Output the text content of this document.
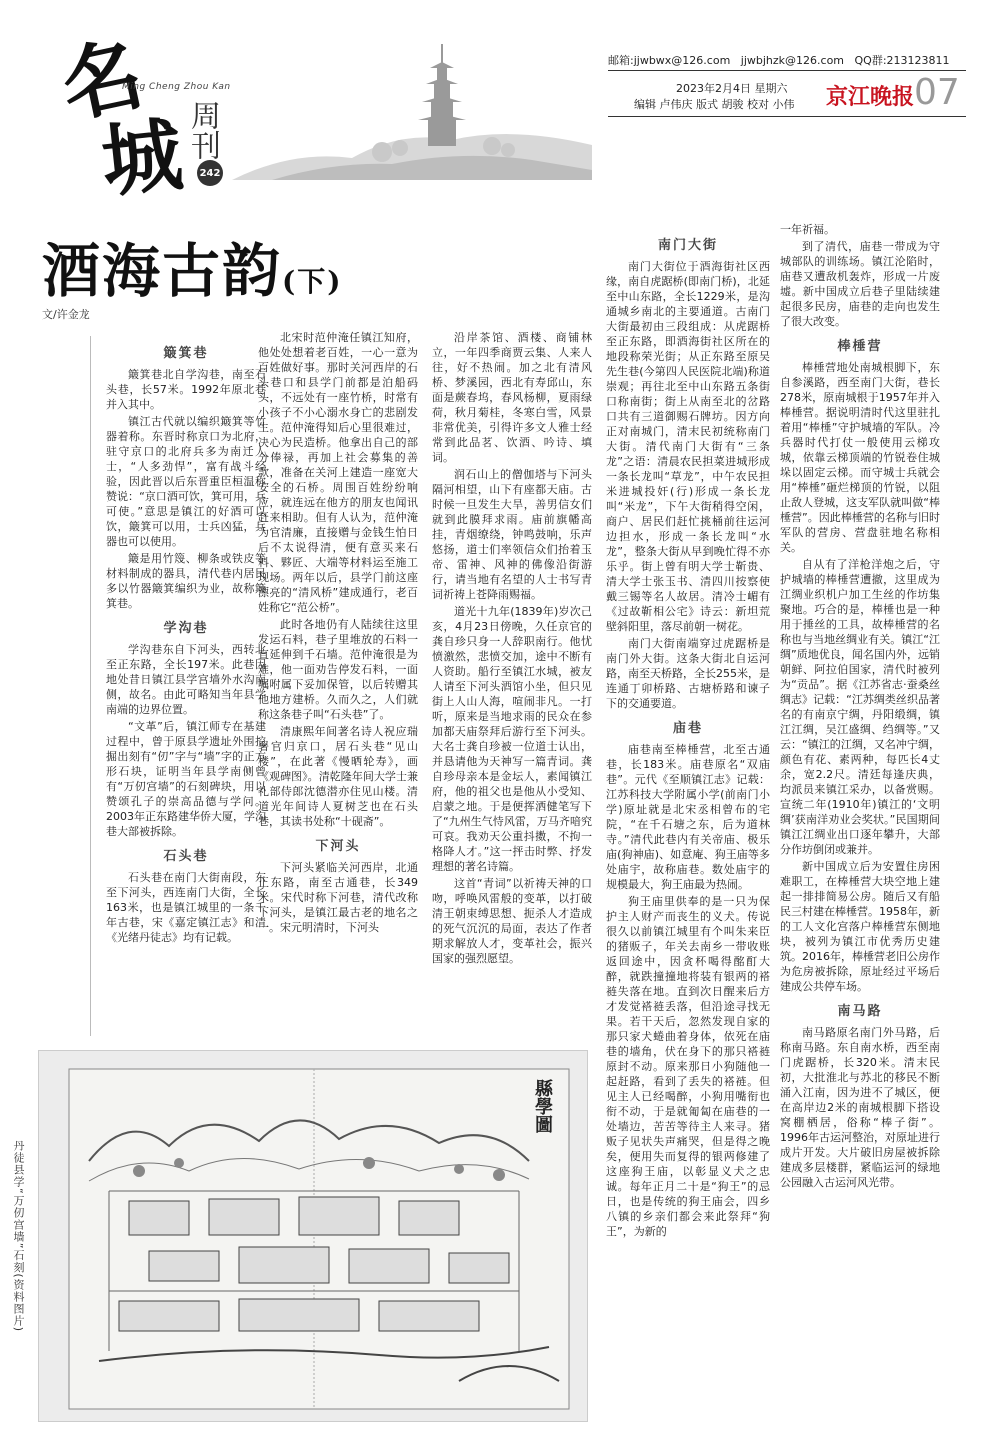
名
城
Ming Cheng Zhou Kan
周刊
242
邮箱:jjwbwx@126.com   jjwbjhzk@126.com   QQ群:213123811
2023年2月4日 星期六
编辑 卢伟庆 版式 胡骏 校对 小伟 京江晚报 07
酒海古韵(下)
文/许金龙
簸箕巷

簸箕巷北自学沟巷，南至石头巷，长57米。1992年原北巷并入其中。

镇江古代就以编织簸箕等竹器着称。东晋时称京口为北府，驻守京口的北府兵多为南迁人士，“人多劲悍”，富有战斗经验，因此晋以后东晋重臣桓温称赞说：“京口酒可饮，箕可用，兵可使。”意思是镇江的好酒可以饮，簸箕可以用，士兵凶猛，兵器也可以使用。

簸是用竹篾、柳条或铁皮等材料制成的器具，清代巷内居民多以竹器簸箕编织为业，故称簸箕巷。

学沟巷

学沟巷东自下河头，西转北至正东路，全长197米。此巷因地处昔日镇江县学宫墙外水沟南侧，故名。由此可略知当年县学南端的边界位置。

“文革”后，镇江师专在基建过程中，曾于原县学遗址外围挖掘出刻有“仞”字与“墙”字的正方形石块，证明当年县学南侧曾有“万仞宫墙”的石刻碑块，用以赞颂孔子的崇高品德与学问。2003年正东路建华侨大厦，学沟巷大部被拆除。

石头巷

石头巷在南门大街南段，东至下河头，西连南门大街，全长163米，也是镇江城里的一条千年古巷，宋《嘉定镇江志》和清《光绪丹徒志》均有记载。

北宋时范仲淹任镇江知府，他处处想着老百姓，一心一意为百姓做好事。那时关河西岸的石头巷口和县学门前都是泊船码头，不远处有一座竹桥，时常有小孩子不小心溺水身亡的悲剧发生。范仲淹得知后心里很难过，决心为民造桥。他拿出自己的部分俸禄，再加上社会募集的善款，准备在关河上建造一座宽大安全的石桥。周围百姓纷纷响应，就连远在他方的朋友也闻讯赶来相助。但有人认为，范仲淹为官清廉，直接赠与金钱生怕日后不太说得清，便有意买来石料、夥匠、大端等材料运至施工现场。两年以后，县学门前这座漂亮的“清风桥”建成通行，老百姓称它“范公桥”。

此时各地仍有人陆续往这里发运石料，巷子里堆放的石料一直延伸到千石墙。范仲淹很是为难，他一面劝告停发石料，一面嘱咐属下妥加保管，以后转赠其他地方建桥。久而久之，人们就称这条巷子叫“石头巷”了。

清康熙年间著名诗人祝应瑞署官归京口，居石头巷“见山楼”，在此著《慢晒轮寿》，画《观碑图》。清乾隆年间大学士兼礼部侍郎沈德潜亦住见山楼。清道光年间诗人夏树芝也在石头巷，其读书处称“十砚斋”。

下河头

下河头紧临关河西岸，北通正东路，南至古通巷，长349米。宋代时称下河巷，清代改称下河头，是镇江最古老的地名之一。宋元明清时，下河头

沿岸茶馆、酒楼、商铺林立，一年四季商贾云集、人来人往，好不热闹。加之北有清风桥、梦溪园，西北有寿邱山，东面是蕨春坞，春风杨柳，夏雨绿荷，秋月菊桂，冬寒白雪，风景非常优美，引得许多文人雅士经常到此品茗、饮酒、吟诗、填词。

润石山上的僧伽塔与下河头隔河相望，山下有座都天庙。古时候一旦发生大旱，善男信女们就到此膜拜求雨。庙前旗幡高挂，青烟缭绕，钟鸣鼓响，乐声悠扬，道士们率领信众们抬着玉帝、雷神、风神的佛像沿街游行，请当地有名望的人士书写青词祈祷上苍降雨赐福。

道光十九年(1839年)岁次己亥，4月23日傍晚，久任京官的龚自珍只身一人辞职南行。他忧愤激然，悲愤交加，途中不断有人资助。船行至镇江水城，被友人请至下河头酒馆小坐，但只见街上人山人海，喧闹非凡。一打听，原来是当地求雨的民众在参加都天庙祭拜后游行至下河头。大名士龚自珍被一位道士认出，并恳请他为天神写一篇青词。龚自珍母亲本是金坛人，素闻镇江府，他的祖父也是他从小受知、启蒙之地。于是便挥洒健笔写下了“九州生气恃风雷，万马齐喑究可哀。我劝天公重抖擞，不拘一格降人才。”这一抨击时弊、抒发理想的著名诗篇。

这首“青词”以祈祷天神的口吻，呼唤风雷般的变革，以打破清王朝束缚思想、扼杀人才造成的死气沉沉的局面，表达了作者期求解放人才，变革社会，振兴国家的强烈愿望。

南门大街

南门大街位于酒海街社区西缘，南自虎踞桥(即南门桥)，北延至中山东路，全长1229米，是沟通城乡南北的主要通道。古南门大街最初由三段组成：从虎踞桥至正东路，即酒海街社区所在的地段称荣光街；从正东路至原吴先生巷(今第四人民医院北端)称道崇观；再往北至中山东路五条街口称南街；街上从南至北的岔路口共有三道御赐石牌坊。因方向正对南城门，清末民初统称南门大街。清代南门大街有“三条龙”之语：清晨农民担菜进城形成一条长龙叫“草龙”，中午农民担米进城投奸(行)形成一条长龙叫“米龙”，下午大街稍得空闲，商户、居民们赶忙挑桶前往运河边担水，形成一条长龙叫“水龙”，整条大街从早到晚忙得不亦乐乎。街上曾有明大学士靳贵、清大学士张玉书、清四川按察使戴三锡等名人故居。清冷士嵋有《过故靳相公宅》诗云：新坦荒壁斜阳里，落尽前朝一树花。

南门大街南端穿过虎踞桥是南门外大街。这条大街北自运河路，南至天桥路，全长255米，是连通丁卯桥路、古塘桥路和谏子下的交通要道。

庙巷

庙巷南至棒棰营，北至古通巷，长183米。庙巷原名“双庙巷”。元代《至顺镇江志》记载：江苏科技大学附属小学(前南门小学)原址就是北宋丞相曾布的宅院，“在千石塘之东，后为道林寺。”清代此巷内有关帝庙、极乐庙(狗神庙)、如意庵、狗王庙等多处庙宇，故称庙巷。数处庙宇的规模最大，狗王庙最为热闹。

狗王庙里供奉的是一只为保护主人财产而丧生的义犬。传说很久以前镇江城里有个叫朱来臣的猪贩子，年关去南乡一带收账返回途中，因贪杯喝得酩酊大醉，就跌撞撞地将装有银两的褡裢失落在地。直到次日醒来后方才发觉褡裢丢落，但沿途寻找无果。若干天后，忽然发现自家的那只家犬蜷曲着身体，依死在庙巷的墙角，伏在身下的那只褡裢原封不动。原来那日小狗随他一起赶路，看到了丢失的褡裢。但见主人已经喝醉，小狗用嘴衔也衔不动，于是就匍匐在庙巷的一处墙边，苦苦等待主人来寻。猪贩子见状失声痛哭，但是得之晚矣，便用失而复得的银两修建了这座狗王庙，以彰显义犬之忠诚。每年正月二十是“狗王”的忌日，也是传统的狗王庙会，四乡八镇的乡亲们都会来此祭拜“狗王”，为新的

一年祈福。

到了清代，庙巷一带成为守城部队的训练场。镇江沦陷时，庙巷又遭敌机轰炸，形成一片废墟。新中国成立后巷子里陆续建起很多民房，庙巷的走向也发生了很大改变。

棒棰营

棒棰营地处南城根脚下，东自参溪路，西至南门大街，巷长278米，原南城根于1957年并入棒棰营。据说明清时代这里驻扎着用“棒棰”守护城墙的军队。冷兵器时代打仗一般使用云梯攻城，依靠云梯顶端的竹锐卷住城垛以固定云梯。而守城士兵就会用“棒棰”砸烂梯顶的竹锐，以阻止敌人登城，这支军队就叫做“棒棰营”。因此棒棰营的名称与旧时军队的营房、营盘驻地名称相关。

自从有了洋枪洋炮之后，守护城墙的棒棰营遭撤，这里成为江绸业织机户加工生丝的作坊集聚地。巧合的是，棒棰也是一种用于捶丝的工具，故棒棰营的名称也与当地丝绸业有关。镇江“江绸”质地优良，闻名国内外，远销朝鲜、阿拉伯国家，清代时被列为“贡品”。据《江苏省志·蚕桑丝绸志》记载：“江苏绸类丝织品著名的有南京宁绸，丹阳缎绸，镇江江绸，吴江盛绸、绉绸等。”又云：“镇江的江绸，又名冲宁绸，颜色有花、素两种，每匹长4丈余，宽2.2尺。清廷每逢庆典，均派员来镇江采办，以备赏赐。宣统二年(1910年)镇江的‘文明绸’获南洋劝业会奖状。”民国期间镇江江绸业出口逐年攀升，大部分作坊倒闭或兼并。

新中国成立后为安置住房困难职工，在棒棰营大块空地上建起一排排简易公房。随后又有船民三村建在棒棰营。1958年，新的工人文化宫落户棒棰营东侧地块，被列为镇江市优秀历史建筑。2016年，棒棰营老旧公房作为危房被拆除，原址经过平场后建成公共停车场。

南马路

南马路原名南门外马路，后称南马路。东自南水桥，西至南门虎踞桥，长320米。清末民初，大批淮北与苏北的移民不断涌入江南，因为进不了城区，便在高岸边2米的南城根脚下搭设窝棚栖居，俗称“棒子街”。1996年古运河整治，对原址进行成片开发。大片破旧房屋被拆除建成多层楼群，紧临运河的绿地公园融入古运河风光带。

縣學圖
丹徒县学“万仞宫墙”石刻(资料图片)
